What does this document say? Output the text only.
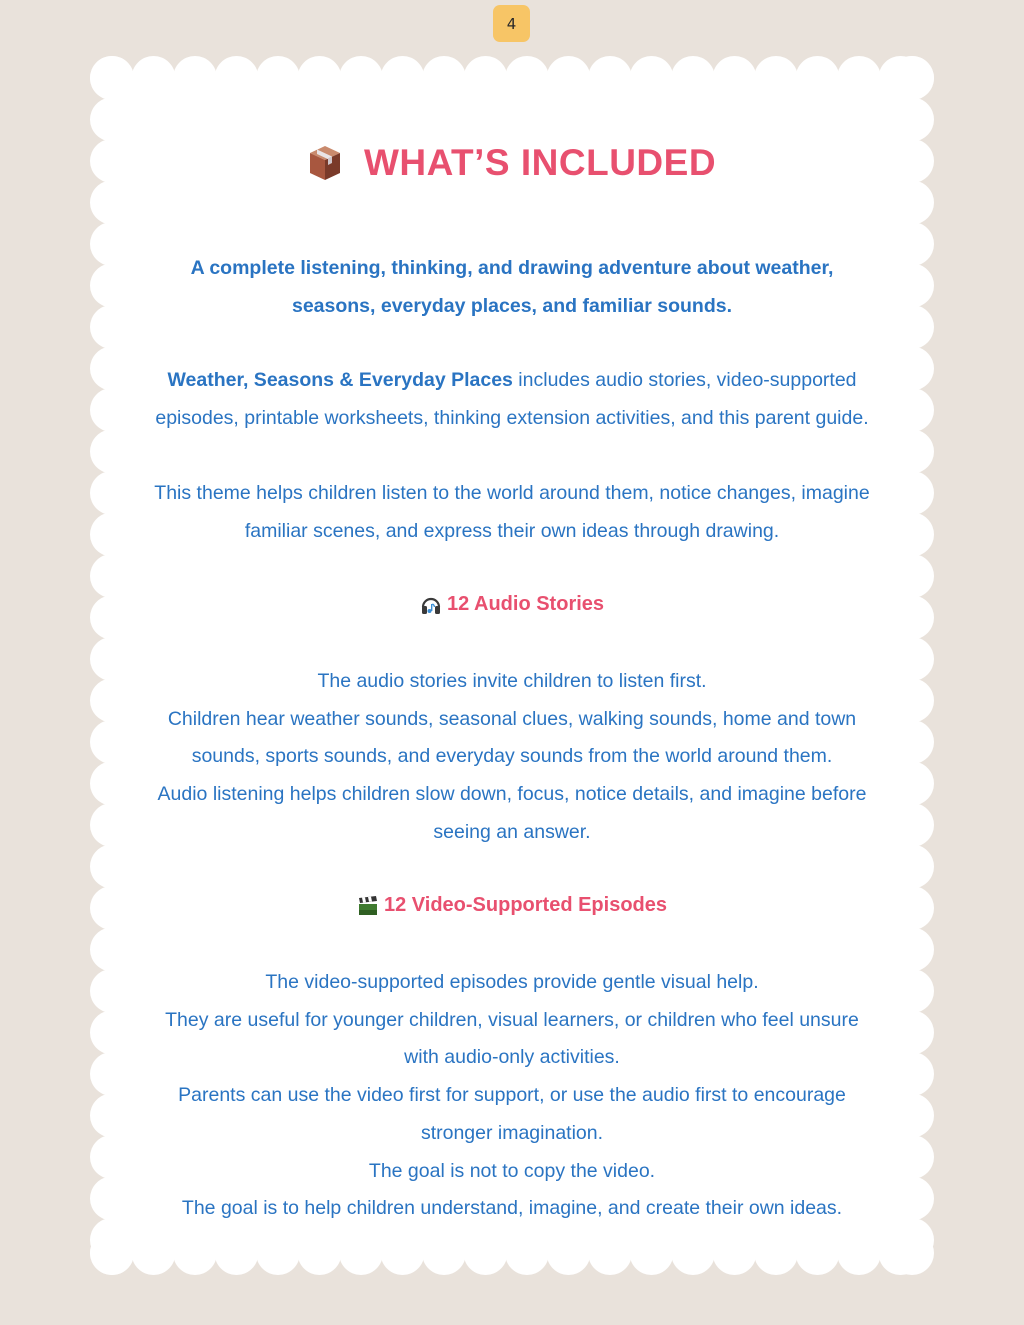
4
WHAT’S INCLUDED

A complete listening, thinking, and drawing adventure about weather,

seasons, everyday places, and familiar sounds.

Weather, Seasons & Everyday Places includes audio stories, video-supported

episodes, printable worksheets, thinking extension activities, and this parent guide.

This theme helps children listen to the world around them, notice changes, imagine

familiar scenes, and express their own ideas through drawing.

12 Audio Stories

The audio stories invite children to listen first.

Children hear weather sounds, seasonal clues, walking sounds, home and town

sounds, sports sounds, and everyday sounds from the world around them.

Audio listening helps children slow down, focus, notice details, and imagine before

seeing an answer.

12 Video-Supported Episodes

The video-supported episodes provide gentle visual help.

They are useful for younger children, visual learners, or children who feel unsure

with audio-only activities.

Parents can use the video first for support, or use the audio first to encourage

stronger imagination.

The goal is not to copy the video.

The goal is to help children understand, imagine, and create their own ideas.
